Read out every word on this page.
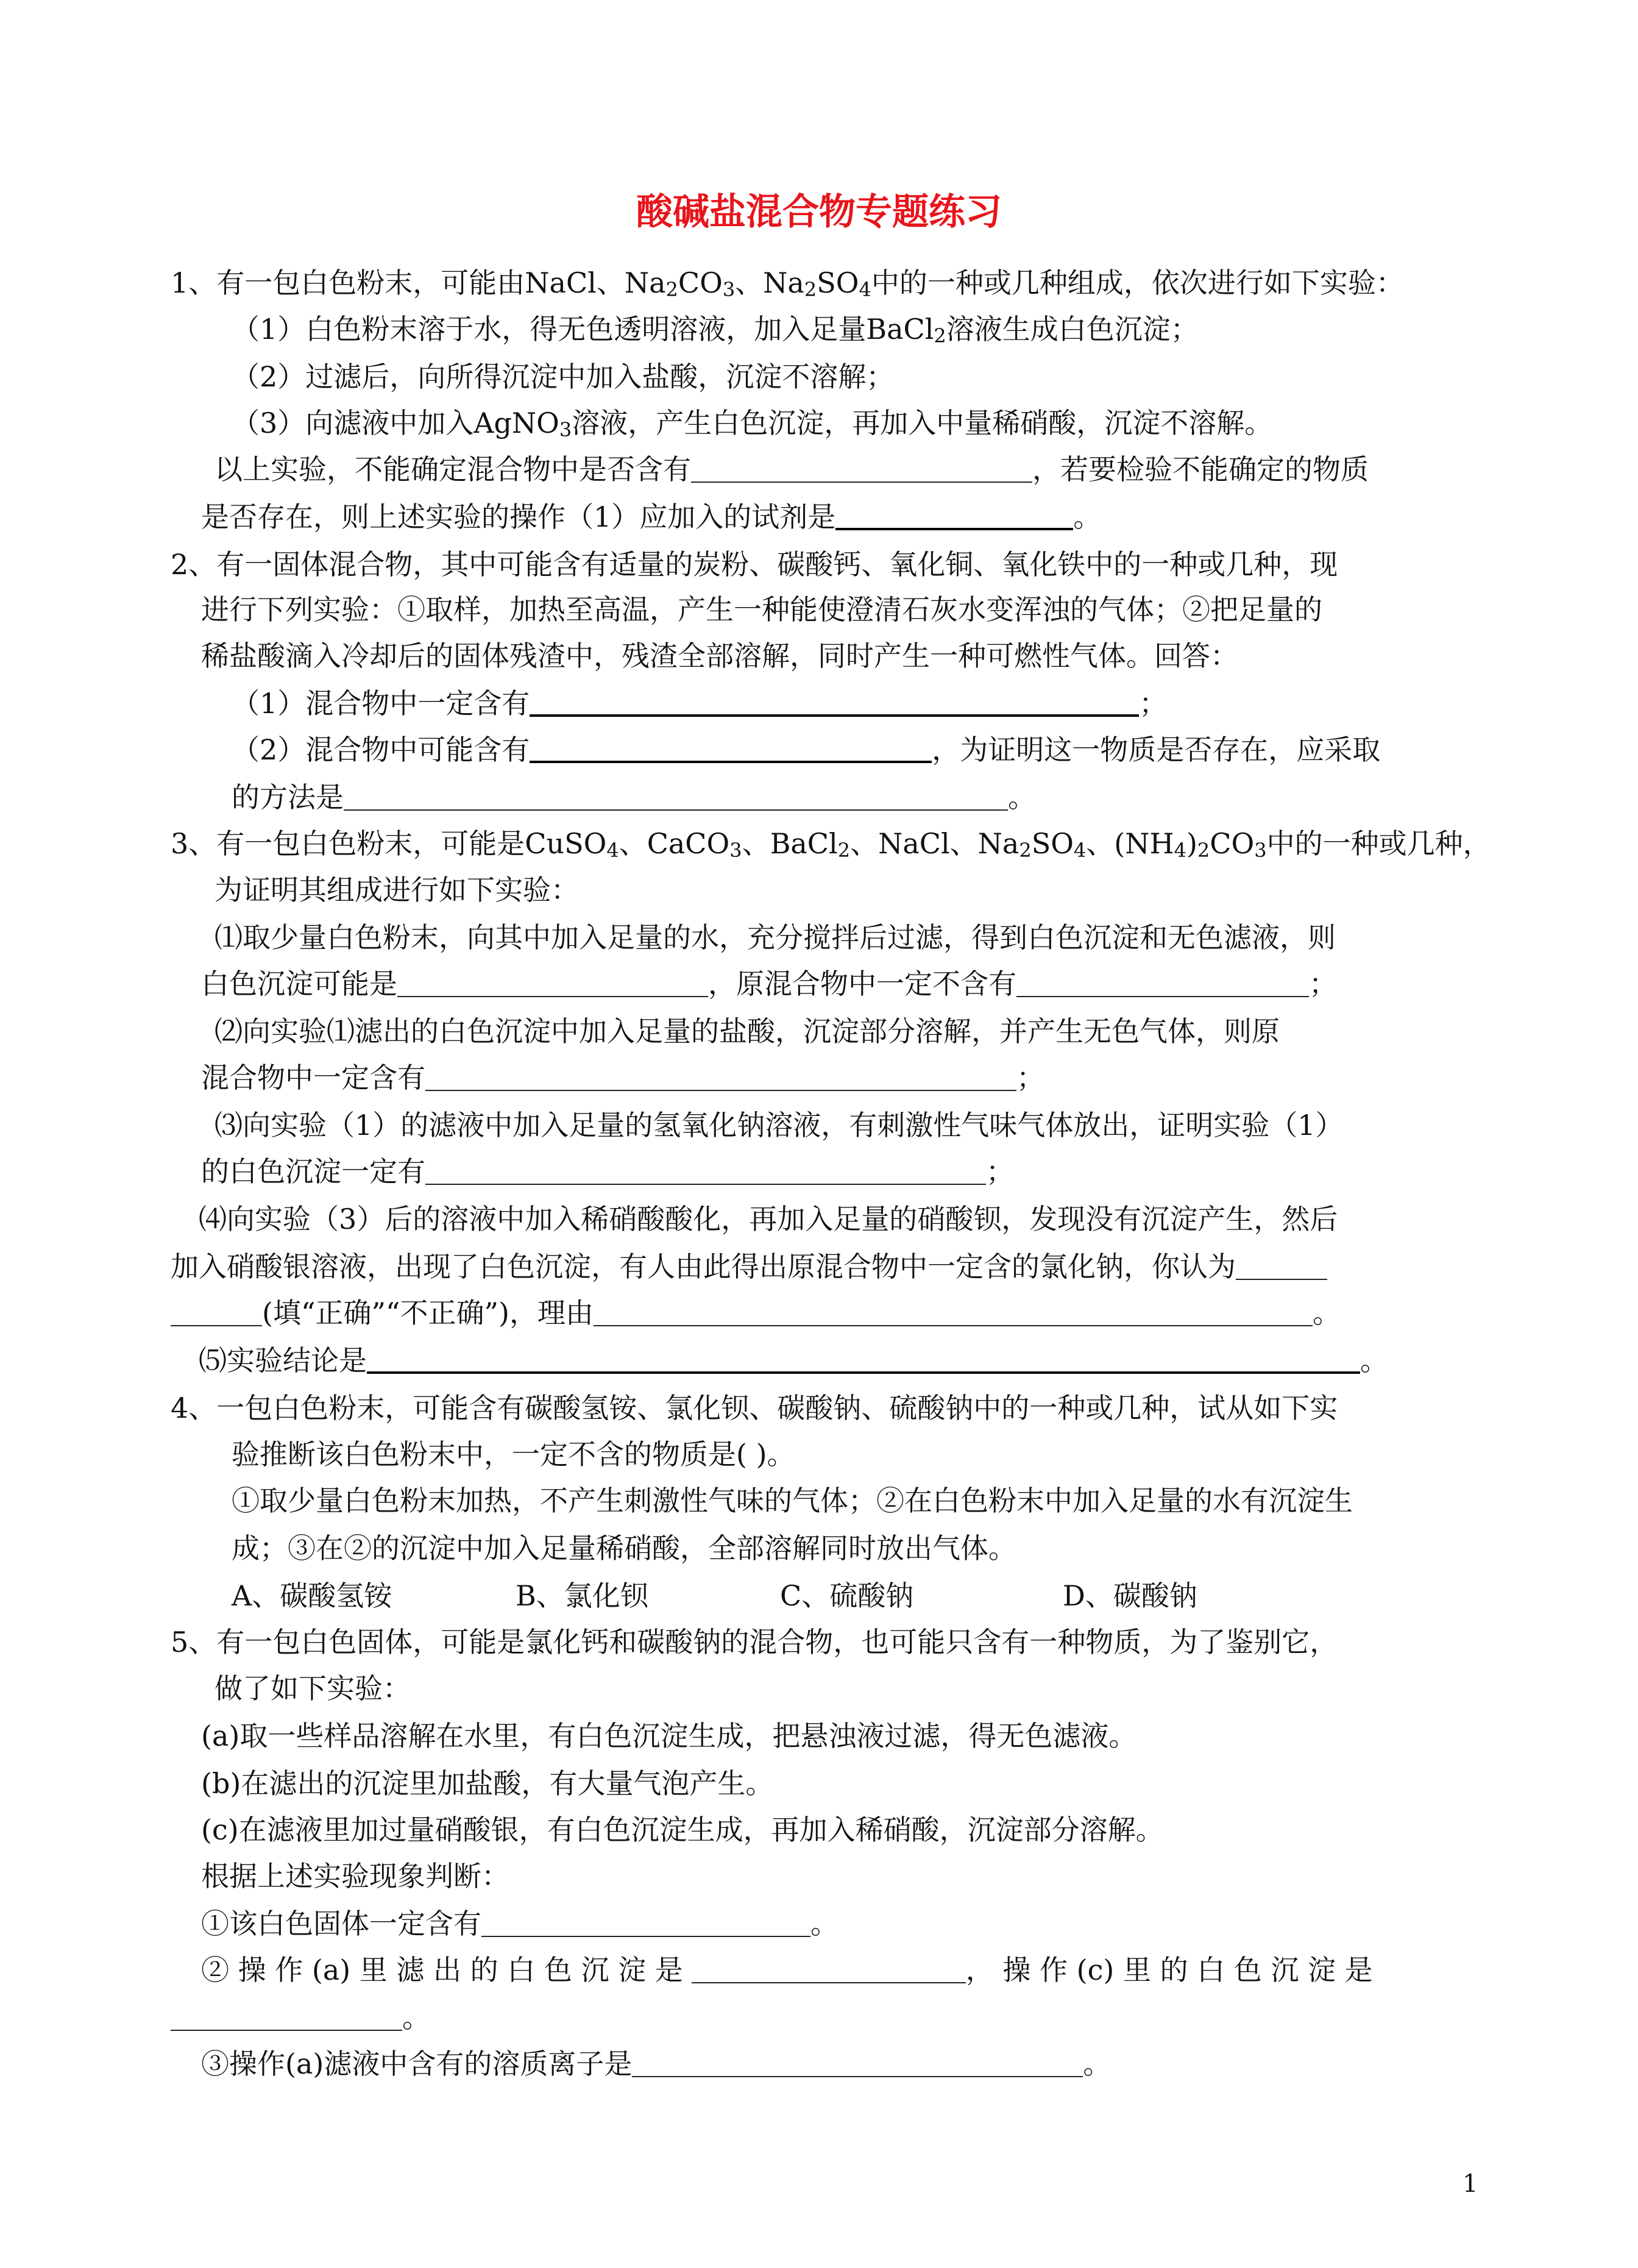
酸碱盐混合物专题练习
1、有一包白色粉末，可能由NaCl、$Na_2CO_3$、$Na_2SO_4$中的一种或几种组成，依次进行如下实验：
（1）白色粉末溶于水，得无色透明溶液，加入足量BaCl$_2$溶液生成白色沉淀；
（2）过滤后，向所得沉淀中加入盐酸，沉淀不溶解；
（3）向滤液中加入AgNO$_3$溶液，产生白色沉淀，再加入中量稀硝酸，沉淀不溶解。
以上实验，不能确定混合物中是否含有	，若要检验不能确定的物质
是否存在，则上述实验的操作（1）应加入的试剂是	。
2、有一固体混合物，其中可能含有适量的炭粉、碳酸钙、氧化铜、氧化铁中的一种或几种，现
进行下列实验：①取样，加热至高温，产生一种能使澄清石灰水变浑浊的气体；②把足量的
稀盐酸滴入冷却后的固体残渣中，残渣全部溶解，同时产生一种可燃性气体。回答：
（1）混合物中一定含有	；
（2）混合物中可能含有	，为证明这一物质是否存在，应采取
的方法是	。
3、有一包白色粉末，可能是CuSO$_4$、CaCO$_3$、BaCl$_2$、NaCl、$Na_2SO_4$、$(NH_4)_2CO_3$中的一种或几种，
为证明其组成进行如下实验：
⑴取少量白色粉末，向其中加入足量的水，充分搅拌后过滤，得到白色沉淀和无色滤液，则
白色沉淀可能是	，原混合物中一定不含有	；
⑵向实验⑴滤出的白色沉淀中加入足量的盐酸，沉淀部分溶解，并产生无色气体，则原
混合物中一定含有	；
⑶向实验（1）的滤液中加入足量的氢氧化钠溶液，有刺激性气味气体放出，证明实验（1）
的白色沉淀一定有	；
⑷向实验（3）后的溶液中加入稀硝酸酸化，再加入足量的硝酸钡，发现没有沉淀产生，然后
加入硝酸银溶液，出现了白色沉淀，有人由此得出原混合物中一定含的氯化钠，你认为
(填“正确”“不正确”)，理由	。
⑸实验结论是	。
4、一包白色粉末，可能含有碳酸氢铵、氯化钡、碳酸钠、硫酸钠中的一种或几种，试从如下实
验推断该白色粉末中，一定不含的物质是( )。
①取少量白色粉末加热，不产生刺激性气味的气体；②在白色粉末中加入足量的水有沉淀生
成；③在②的沉淀中加入足量稀硝酸，全部溶解同时放出气体。
A、碳酸氢铵	B、氯化钡	C、硫酸钠	D、碳酸钠
5、有一包白色固体，可能是氯化钙和碳酸钠的混合物，也可能只含有一种物质，为了鉴别它，
做了如下实验：
(a)取一些样品溶解在水里，有白色沉淀生成，把悬浊液过滤，得无色滤液。
(b)在滤出的沉淀里加盐酸，有大量气泡产生。
(c)在滤液里加过量硝酸银，有白色沉淀生成，再加入稀硝酸，沉淀部分溶解。
根据上述实验现象判断：
①该白色固体一定含有	。
② 操 作 (a) 里 滤 出 的 白 色 沉 淀 是	， 操 作 (c) 里 的 白 色 沉 淀 是
。
③操作(a)滤液中含有的溶质离子是	。
1
